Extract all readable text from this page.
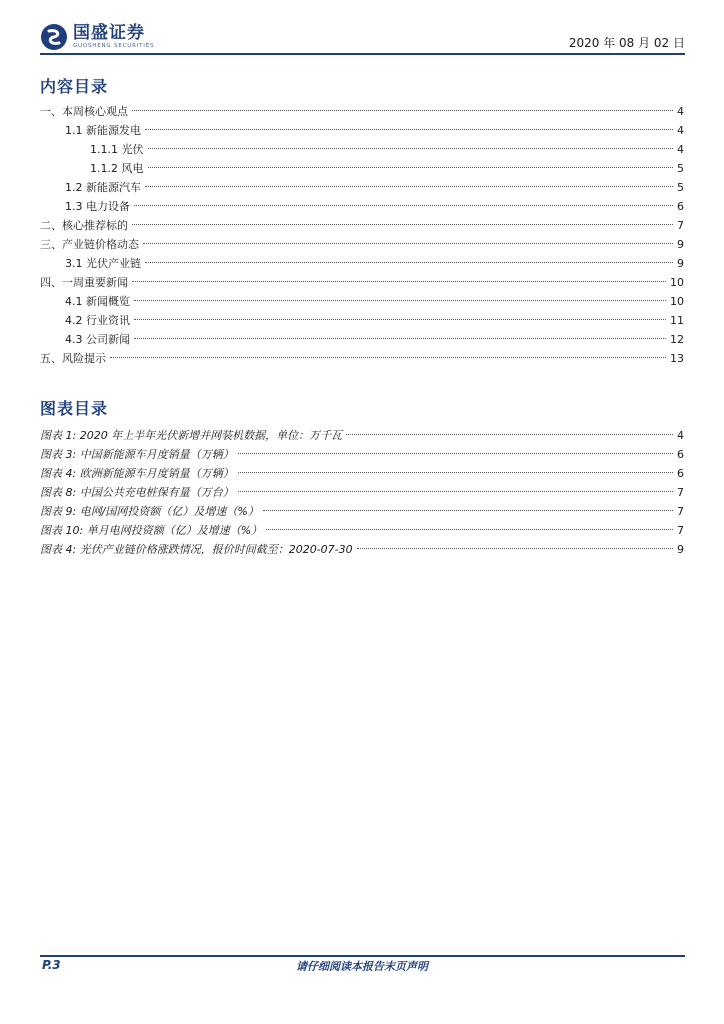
国盛证券
GUOSHENG SECURITIES	2020 年 08 月 02 日
内容目录
一、本周核心观点	4
1.1 新能源发电	4
1.1.1 光伏	4
1.1.2 风电	5
1.2 新能源汽车	5
1.3 电力设备	6
二、核心推荐标的	7
三、产业链价格动态	9
3.1 光伏产业链	9
四、一周重要新闻	10
4.1 新闻概览	10
4.2 行业资讯	11
4.3 公司新闻	12
五、风险提示	13
图表目录
图表 1: 2020 年上半年光伏新增并网装机数据，单位：万千瓦	4
图表 3: 中国新能源车月度销量（万辆）	6
图表 4: 欧洲新能源车月度销量（万辆）	6
图表 8: 中国公共充电桩保有量（万台）	7
图表 9: 电网/国网投资额（亿）及增速（%）	7
图表 10: 单月电网投资额（亿）及增速（%）	7
图表 4: 光伏产业链价格涨跌情况，报价时间截至：2020-07-30	9
P.3	请仔细阅读本报告末页声明
